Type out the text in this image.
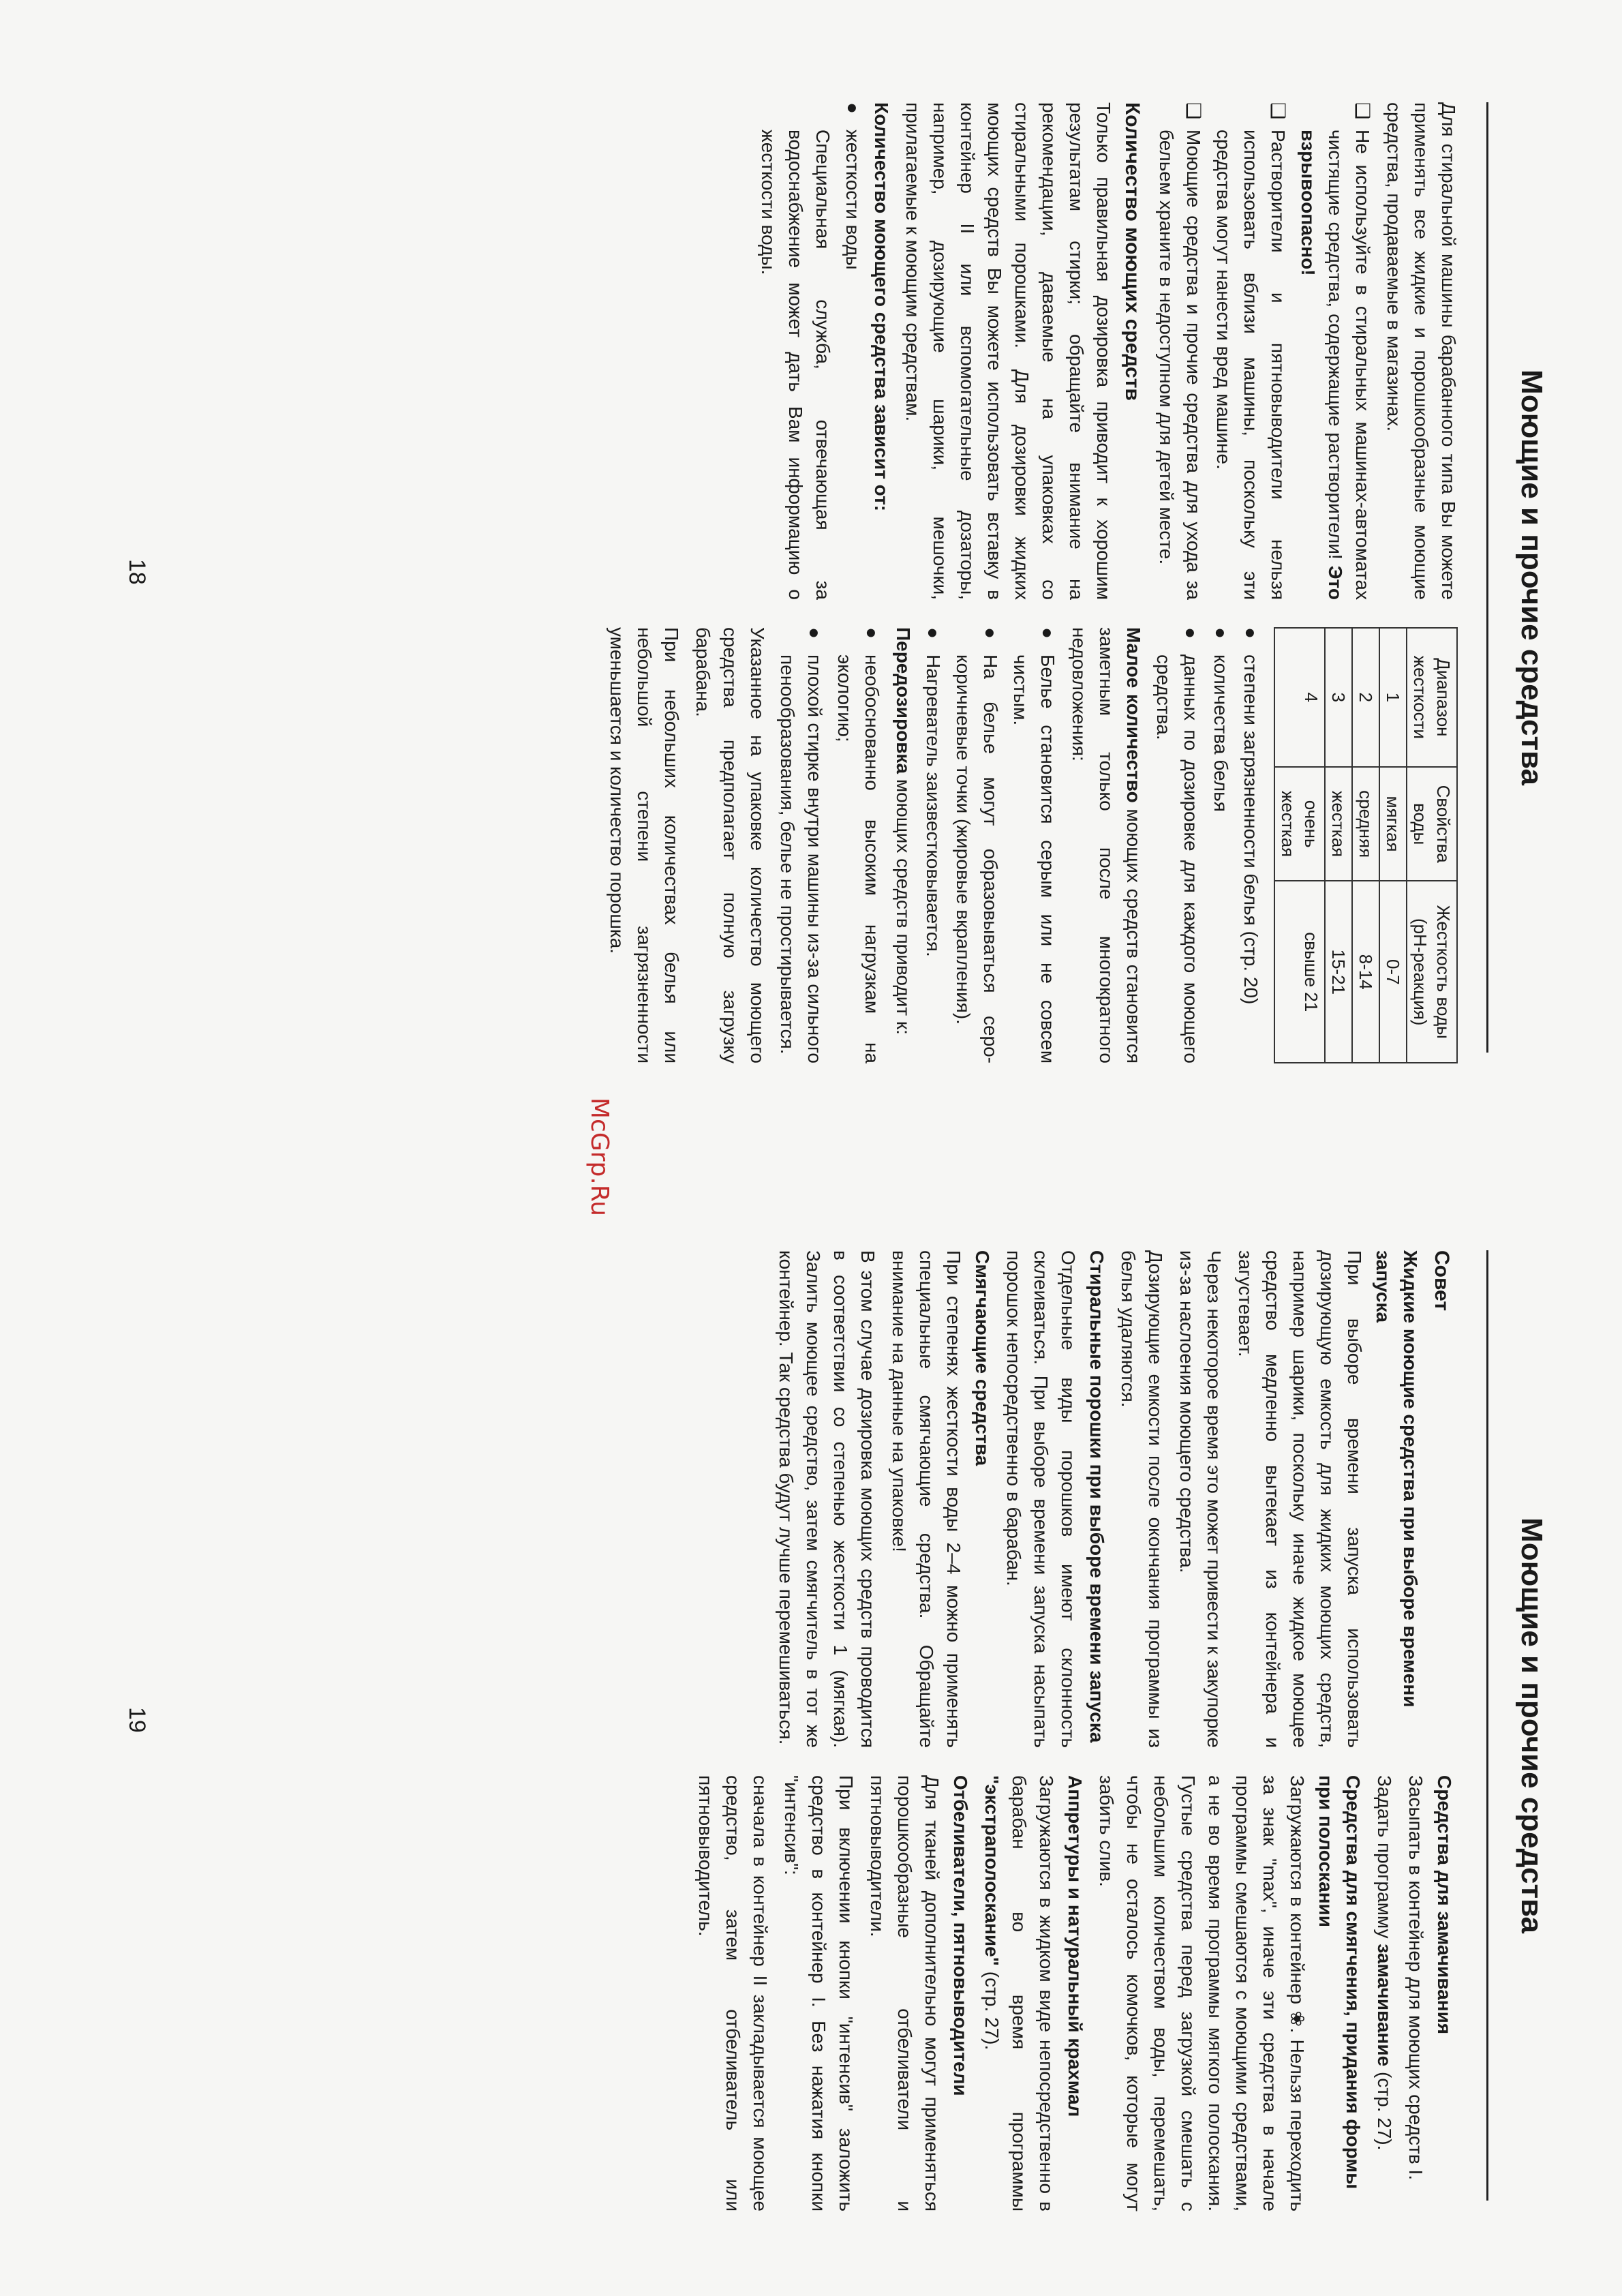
Моющие и прочие средства

Для стиральной машины барабанного типа Вы можете применять все жидкие и порошкообразные моющие средства, продаваемые в магазинах.

❑
Не используйте в стиральных машинах-автоматах чистящие средства, содержащие растворители! Это взрывоопасно!
❑
Растворители и пятновыводители нельзя использовать вблизи машины, поскольку эти средства могут нанести вред машине.
❑
Моющие средства и прочие средства для ухода за бельем храните в недоступном для детей месте.
Количество моющих средств

Только правильная дозировка приводит к хорошим результатам стирки; обращайте внимание на рекомендации, даваемые на упаковках со стиральными порошками. Для дозировки жидких моющих средств Вы можете использовать вставку в контейнер II или вспомогательные дозаторы, например, дозирующие шарики, мешочки, прилагаемые к моющим средствам.

Количество моющего средства зависит от:
●
жесткости воды

Специальная служба, отвечающая за водоснабжение может дать Вам информацию о жесткости воды.

Диапазон жесткости	Свойства воды	Жесткость воды (pH-реакция)
1	мягкая	0-7
2	средняя	8-14
3	жесткая	15-21
4	очень жесткая	свыше 21
●
степени загрязненности белья (стр. 20)
●
количества белья
●
данных по дозировке для каждого моющего средства.

Малое количество моющих средств становится заметным только после многократного недовложения:

●
Белье становится серым или не совсем чистым.
●
На белье могут образовываться серо-коричневые точки (жировые вкрапления).
●
Нагреватель заизвестковывается.

Передозировка моющих средств приводит к:

●
необоснованно высоким нагрузкам на экологию;
●
плохой стирке внутри машины из-за сильного пенообразования, белье не простирывается.

Указанное на упаковке количество моющего средства предполагает полную загрузку барабана.

При небольших количествах белья или небольшой степени загрязненности уменьшается и количество порошка.

18
Моющие и прочие средства
Совет
Жидкие моющие средства при выборе времени запуска

При выборе времени запуска использовать дозирующую емкость для жидких моющих средств, например шарики, поскольку иначе жидкое моющее средство медленно вытекает из контейнера и загустевает.

Через некоторое время это может привести к закупорке из-за наслоения моющего средства.

Дозирующие емкости после окончания программы из белья удаляются.

Стиральные порошки при выборе времени запуска

Отдельные виды порошков имеют склонность склеиваться. При выборе времени запуска насыпать порошок непосредственно в барабан.

Смягчающие средства

При степенях жесткости воды 2–4 можно применять специальные смягчающие средства. Обращайте внимание на данные на упаковке!

В этом случае дозировка моющих средств проводится в соответствии со степенью жесткости 1 (мягкая). Залить моющее средство, затем смягчитель в тот же контейнер. Так средства будут лучше перемешиваться.

Средства для замачивания

Засыпать в контейнер для моющих средств I.

Задать программу замачивание (стр. 27).

Средства для смягчения, придания формы при полоскании

Загружаются в контейнер ❀. Нельзя переходить за знак "max", иначе эти средства в начале программы смешаются с моющими средствами, а не во время программы мягкого полоскания. Густые средства перед загрузкой смешать с небольшим количеством воды, перемешать, чтобы не осталось комочков, которые могут забить слив.

Аппретуры и натуральный крахмал

Загружаются в жидком виде непосредственно в барабан во время программы "экстраполоскание" (стр. 27).

Отбеливатели, пятновыводители

Для тканей дополнительно могут применяться порошкообразные отбеливатели и пятновыводители.

При включении кнопки "интенсив" заложить средство в контейнер I. Без нажатия кнопки "интенсив":

сначала в контейнер II закладывается моющее средство, затем отбеливатель или пятновыводитель.

19
McGrp.Ru
